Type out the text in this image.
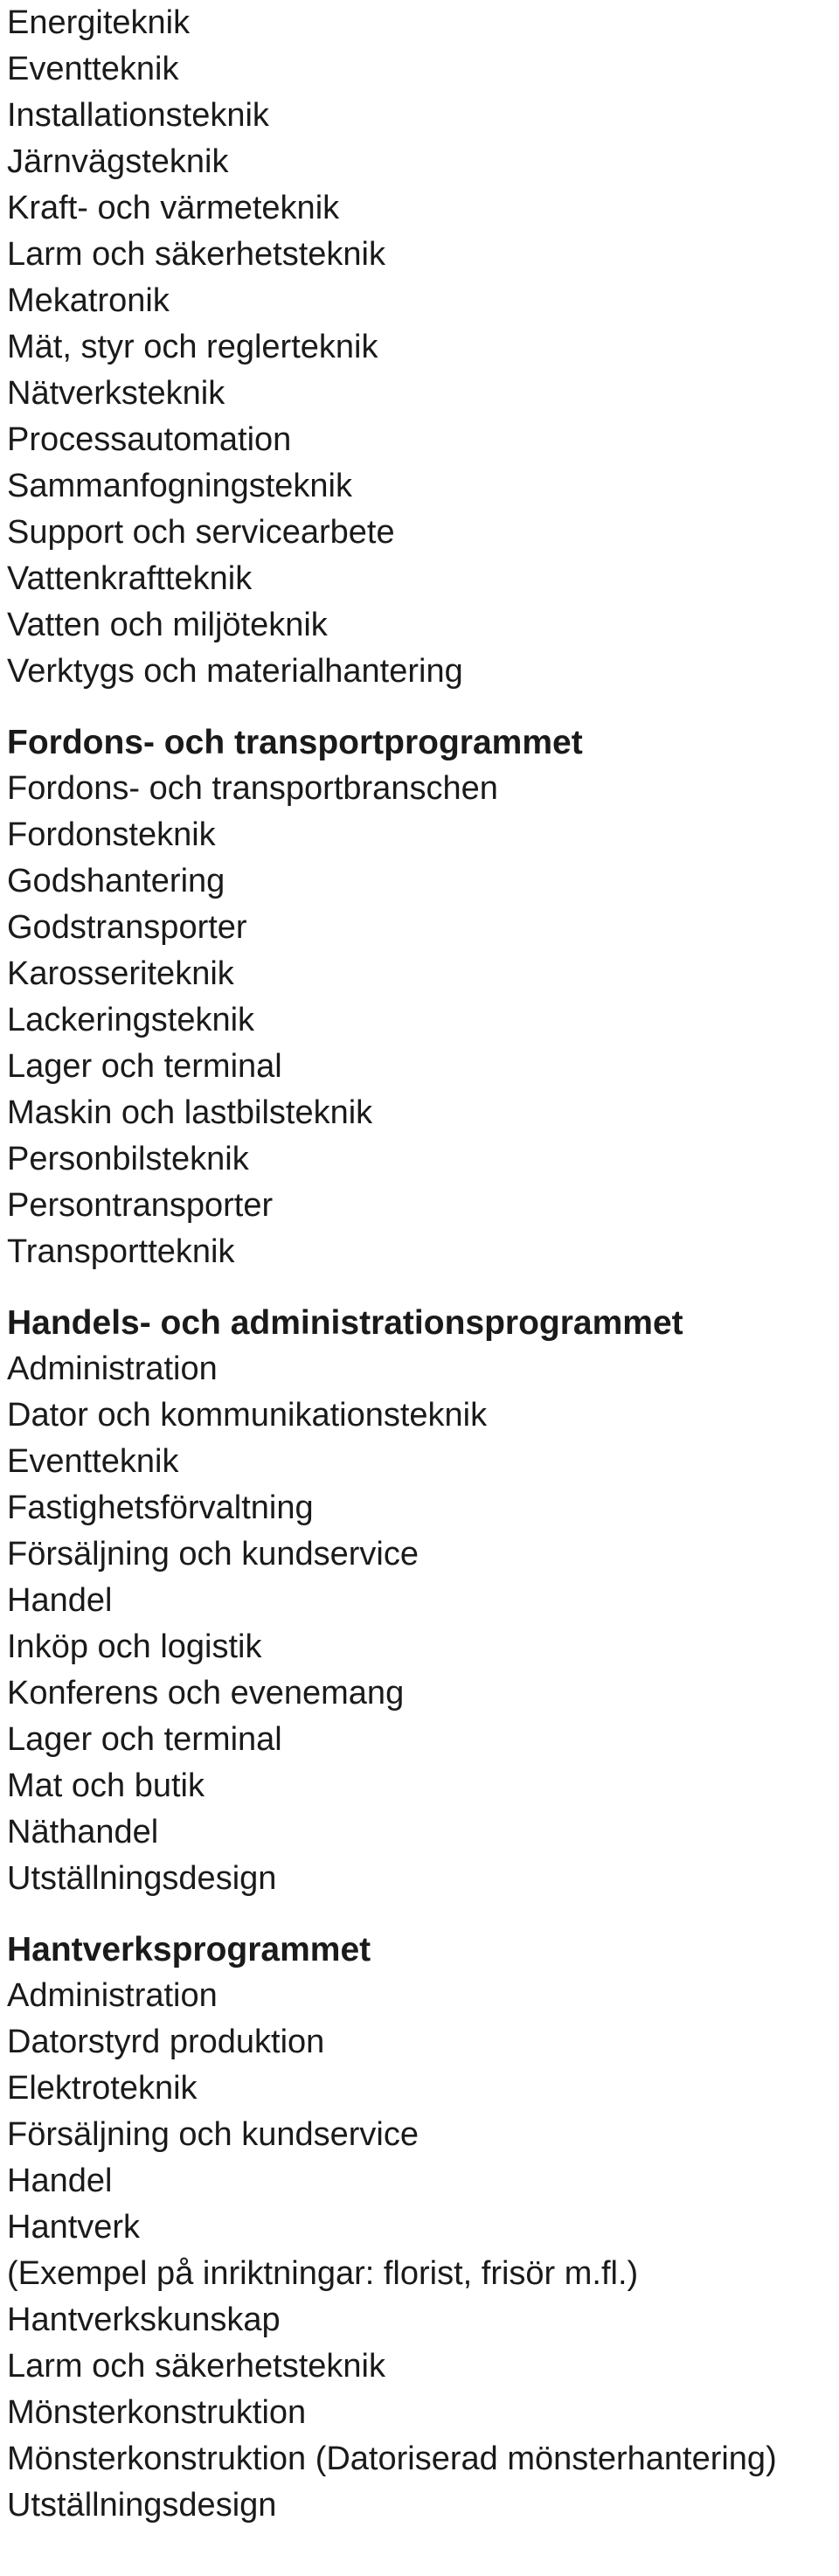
Energiteknik
Eventteknik
Installationsteknik
Järnvägsteknik
Kraft- och värmeteknik
Larm och säkerhetsteknik
Mekatronik
Mät, styr och reglerteknik
Nätverksteknik
Processautomation
Sammanfogningsteknik
Support och servicearbete
Vattenkraftteknik
Vatten och miljöteknik
Verktygs och materialhantering
Fordons- och transportprogrammet
Fordons- och transportbranschen
Fordonsteknik
Godshantering
Godstransporter
Karosseriteknik
Lackeringsteknik
Lager och terminal
Maskin och lastbilsteknik
Personbilsteknik
Persontransporter
Transportteknik
Handels- och administrationsprogrammet
Administration
Dator och kommunikationsteknik
Eventteknik
Fastighetsförvaltning
Försäljning och kundservice
Handel
Inköp och logistik
Konferens och evenemang
Lager och terminal
Mat och butik
Näthandel
Utställningsdesign
Hantverksprogrammet
Administration
Datorstyrd produktion
Elektroteknik
Försäljning och kundservice
Handel
Hantverk
(Exempel på inriktningar: florist, frisör m.fl.)
Hantverkskunskap
Larm och säkerhetsteknik
Mönsterkonstruktion
Mönsterkonstruktion (Datoriserad mönsterhantering)
Utställningsdesign
